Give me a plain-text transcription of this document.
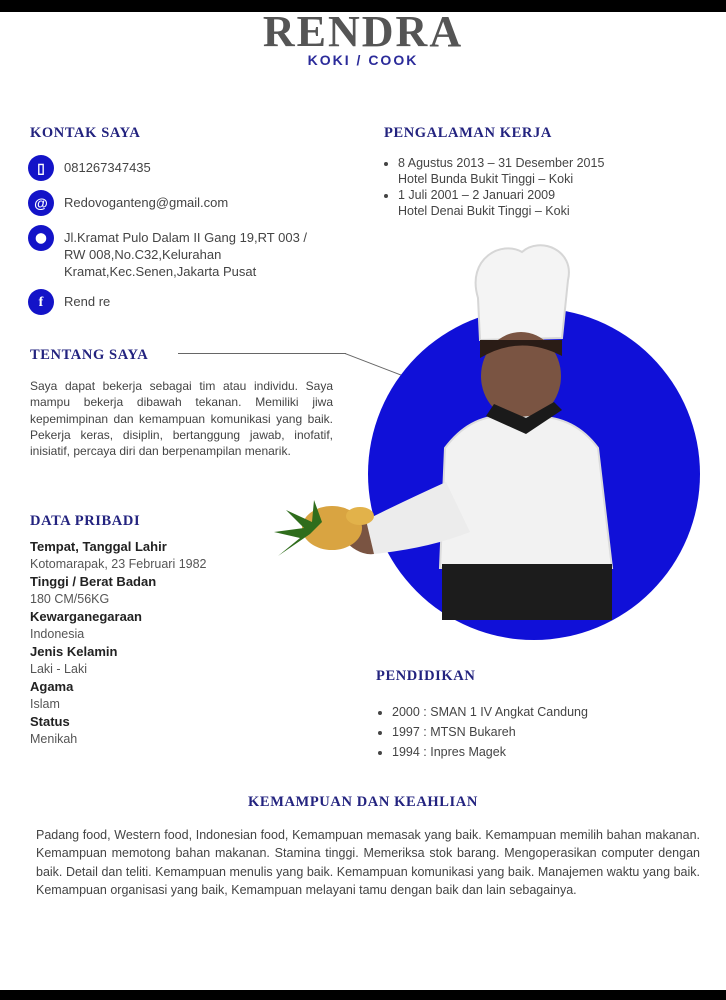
RENDRA
KOKI / COOK
KONTAK SAYA
▯	081267347435
@	Redovoganteng@gmail.com
⬤	Jl.Kramat Pulo Dalam II Gang 19,RT 003 / RW 008,No.C32,Kelurahan Kramat,Kec.Senen,Jakarta Pusat
f	Rend re
TENTANG SAYA
Saya dapat bekerja sebagai tim atau individu. Saya mampu bekerja dibawah tekanan. Memiliki jiwa kepemimpinan dan kemampuan komunikasi yang baik. Pekerja keras, disiplin, bertanggung jawab, inofatif, inisiatif, percaya diri dan berpenampilan menarik.
DATA PRIBADI
Tempat, Tanggal Lahir
Kotomarapak, 23 Februari 1982
Tinggi / Berat Badan
180 CM/56KG
Kewarganegaraan
Indonesia
Jenis Kelamin
Laki - Laki
Agama
Islam
Status
Menikah
PENGALAMAN KERJA
• 8 Agustus 2013 – 31 Desember 2015
Hotel Bunda Bukit Tinggi – Koki
• 1 Juli 2001 – 2 Januari 2009
Hotel Denai Bukit Tinggi – Koki
PENDIDIKAN
• 2000 : SMAN 1 IV Angkat Candung
• 1997 : MTSN Bukareh
• 1994 : Inpres Magek
KEMAMPUAN DAN KEAHLIAN
Padang food, Western food, Indonesian food, Kemampuan memasak yang baik. Kemampuan memilih bahan makanan. Kemampuan memotong bahan makanan. Stamina tinggi. Memeriksa stok barang. Mengoperasikan computer dengan baik. Detail dan teliti. Kemampuan menulis yang baik. Kemampuan komunikasi yang baik. Manajemen waktu yang baik. Kemampuan organisasi yang baik, Kemampuan melayani tamu dengan baik dan lain sebagainya.
